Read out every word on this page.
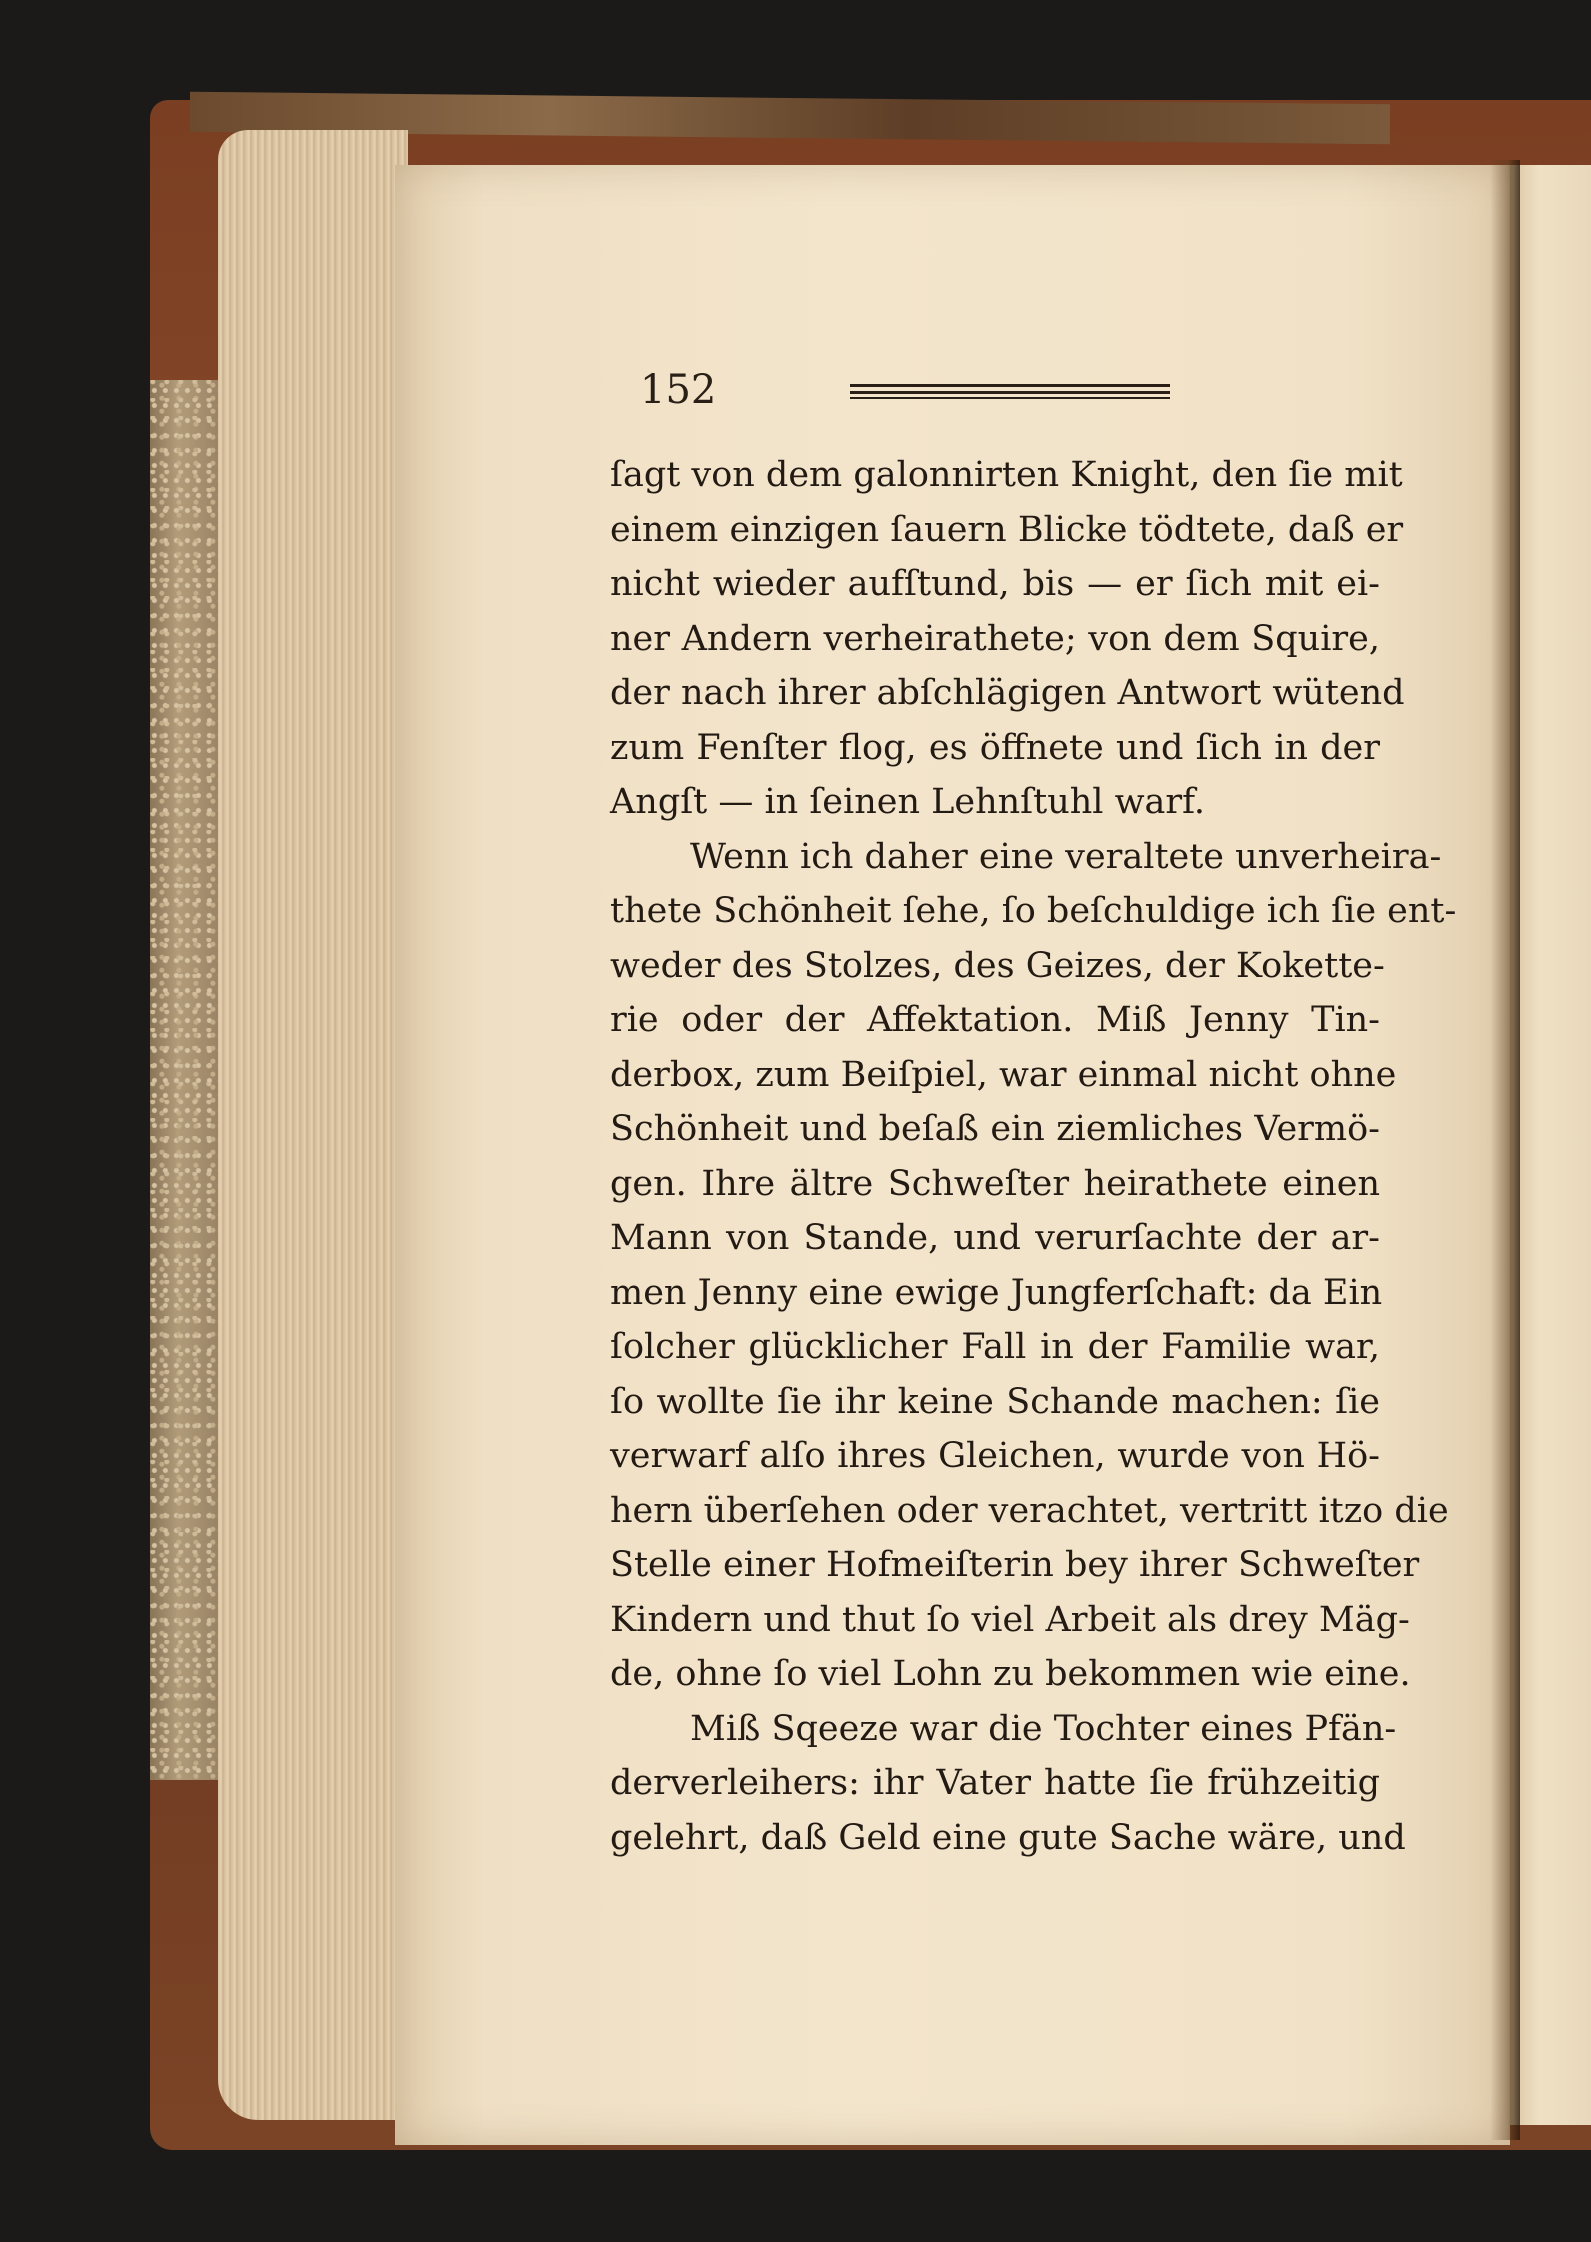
152
ſagt von dem galonnirten Knight, den ſie mit
einem einzigen ſauern Blicke tödtete, daß er
nicht wieder aufſtund, bis — er ſich mit ei-
ner Andern verheirathete; von dem Squire,
der nach ihrer abſchlägigen Antwort wütend
zum Fenſter flog, es öffnete und ſich in der
Angſt — in ſeinen Lehnſtuhl warf.
Wenn ich daher eine veraltete unverheira-
thete Schönheit ſehe, ſo beſchuldige ich ſie ent-
weder des Stolzes, des Geizes, der Kokette-
rie oder der Affektation. Miß Jenny Tin-
derbox, zum Beiſpiel, war einmal nicht ohne
Schönheit und beſaß ein ziemliches Vermö-
gen. Ihre ältre Schweſter heirathete einen
Mann von Stande, und verurſachte der ar-
men Jenny eine ewige Jungferſchaft: da Ein
ſolcher glücklicher Fall in der Familie war,
ſo wollte ſie ihr keine Schande machen: ſie
verwarf alſo ihres Gleichen, wurde von Hö-
hern überſehen oder verachtet, vertritt itzo die
Stelle einer Hofmeiſterin bey ihrer Schweſter
Kindern und thut ſo viel Arbeit als drey Mäg-
de, ohne ſo viel Lohn zu bekommen wie eine.
Miß Sqeeze war die Tochter eines Pfän-
derverleihers: ihr Vater hatte ſie frühzeitig
gelehrt, daß Geld eine gute Sache wäre, und
